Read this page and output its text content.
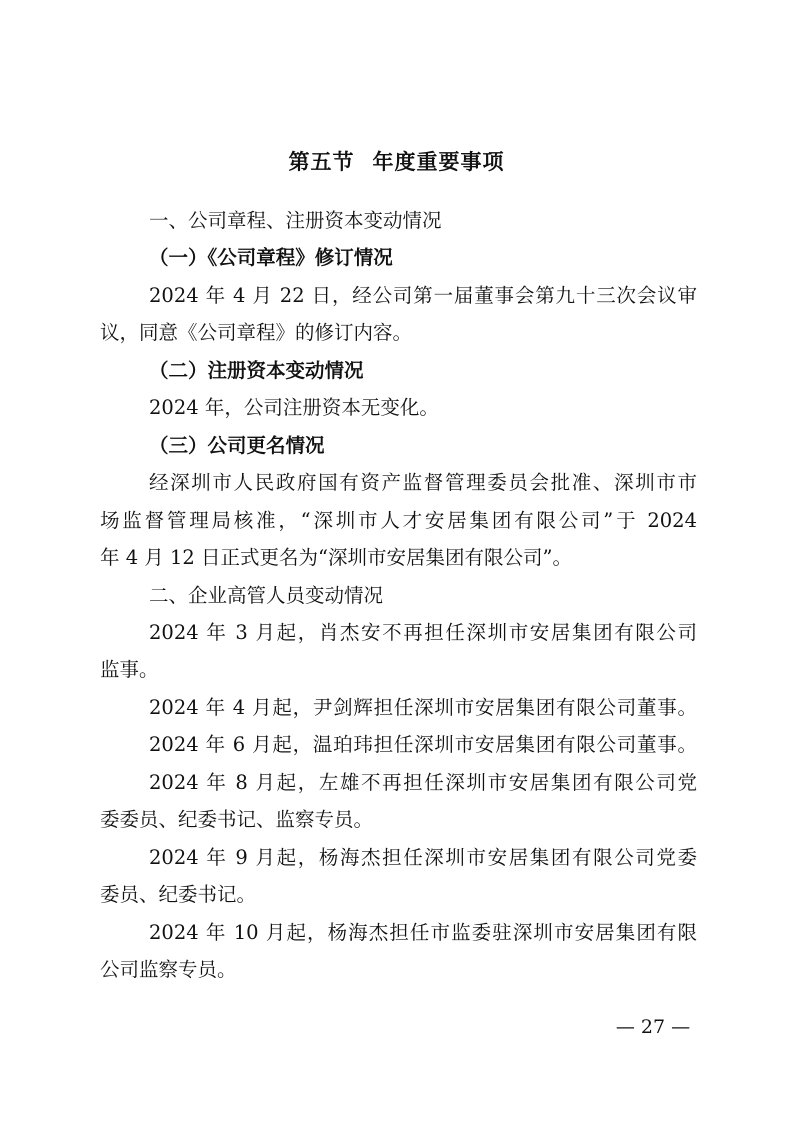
第五节 年度重要事项
一、公司章程、注册资本变动情况
（一）《公司章程》修订情况
2024 年 4 月 22 日，经公司第一届董事会第九十三次会议审
议，同意《公司章程》的修订内容。
（二）注册资本变动情况
2024 年，公司注册资本无变化。
（三）公司更名情况
经深圳市人民政府国有资产监督管理委员会批准、深圳市市
场监督管理局核准，“深圳市人才安居集团有限公司”于 2024
年 4 月 12 日正式更名为“深圳市安居集团有限公司”。
二、企业高管人员变动情况
2024 年 3 月起，肖杰安不再担任深圳市安居集团有限公司
监事。
2024 年 4 月起，尹剑辉担任深圳市安居集团有限公司董事。
2024 年 6 月起，温珀玮担任深圳市安居集团有限公司董事。
2024 年 8 月起，左雄不再担任深圳市安居集团有限公司党
委委员、纪委书记、监察专员。
2024 年 9 月起，杨海杰担任深圳市安居集团有限公司党委
委员、纪委书记。
2024 年 10 月起，杨海杰担任市监委驻深圳市安居集团有限
公司监察专员。
— 27 —
